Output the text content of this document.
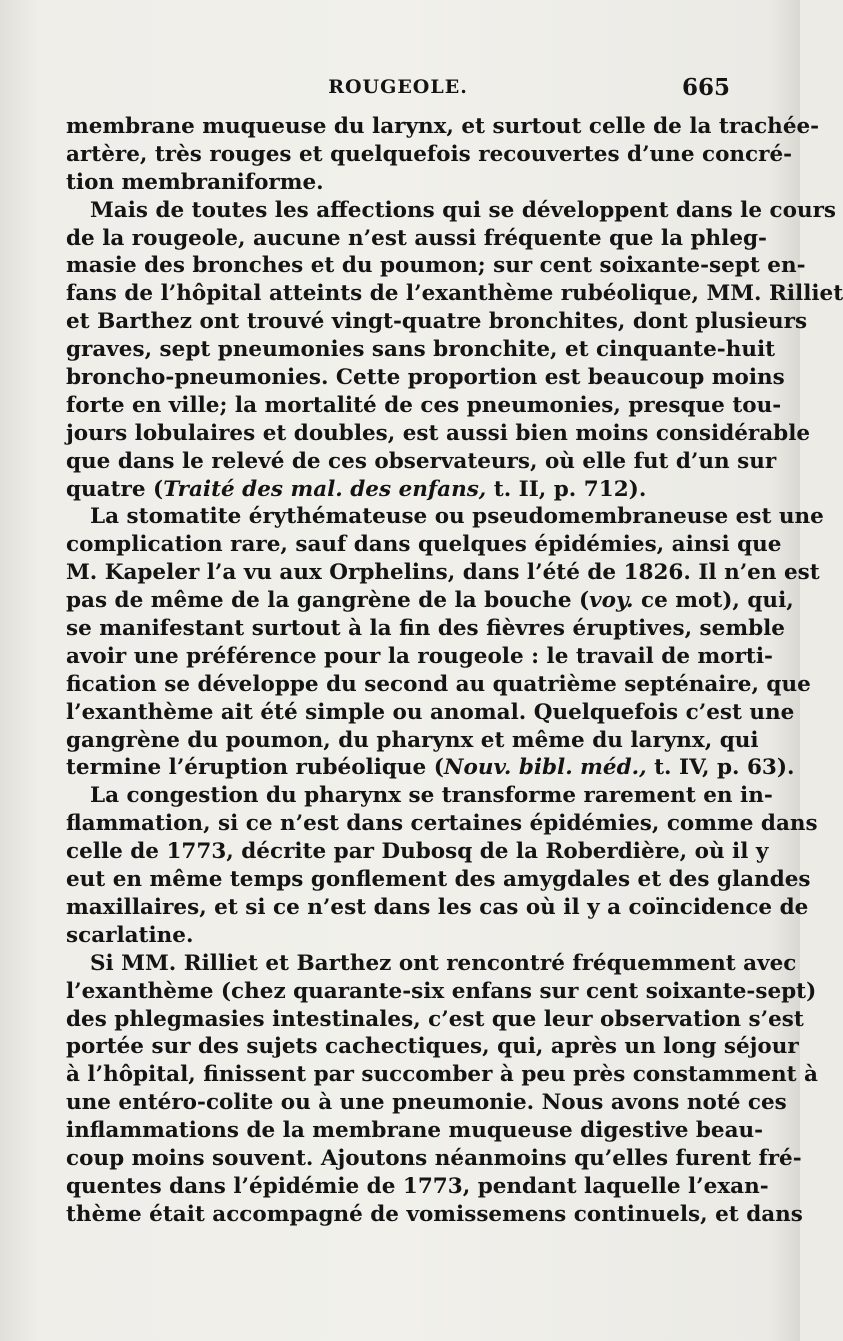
ROUGEOLE.	665
membrane muqueuse du larynx, et surtout celle de la trachée-
artère, très rouges et quelquefois recouvertes d’une concré-
tion membraniforme.
Mais de toutes les affections qui se développent dans le cours
de la rougeole, aucune n’est aussi fréquente que la phleg-
masie des bronches et du poumon; sur cent soixante-sept en-
fans de l’hôpital atteints de l’exanthème rubéolique, MM. Rilliet
et Barthez ont trouvé vingt-quatre bronchites, dont plusieurs
graves, sept pneumonies sans bronchite, et cinquante-huit
broncho-pneumonies. Cette proportion est beaucoup moins
forte en ville; la mortalité de ces pneumonies, presque tou-
jours lobulaires et doubles, est aussi bien moins considérable
que dans le relevé de ces observateurs, où elle fut d’un sur
quatre (Traité des mal. des enfans, t. II, p. 712).
La stomatite érythémateuse ou pseudomembraneuse est une
complication rare, sauf dans quelques épidémies, ainsi que
M. Kapeler l’a vu aux Orphelins, dans l’été de 1826. Il n’en est
pas de même de la gangrène de la bouche (voy. ce mot), qui,
se manifestant surtout à la fin des fièvres éruptives, semble
avoir une préférence pour la rougeole : le travail de morti-
fication se développe du second au quatrième septénaire, que
l’exanthème ait été simple ou anomal. Quelquefois c’est une
gangrène du poumon, du pharynx et même du larynx, qui
termine l’éruption rubéolique (Nouv. bibl. méd., t. IV, p. 63).
La congestion du pharynx se transforme rarement en in-
flammation, si ce n’est dans certaines épidémies, comme dans
celle de 1773, décrite par Dubosq de la Roberdière, où il y
eut en même temps gonflement des amygdales et des glandes
maxillaires, et si ce n’est dans les cas où il y a coïncidence de
scarlatine.
Si MM. Rilliet et Barthez ont rencontré fréquemment avec
l’exanthème (chez quarante-six enfans sur cent soixante-sept)
des phlegmasies intestinales, c’est que leur observation s’est
portée sur des sujets cachectiques, qui, après un long séjour
à l’hôpital, finissent par succomber à peu près constamment à
une entéro-colite ou à une pneumonie. Nous avons noté ces
inflammations de la membrane muqueuse digestive beau-
coup moins souvent. Ajoutons néanmoins qu’elles furent fré-
quentes dans l’épidémie de 1773, pendant laquelle l’exan-
thème était accompagné de vomissemens continuels, et dans
